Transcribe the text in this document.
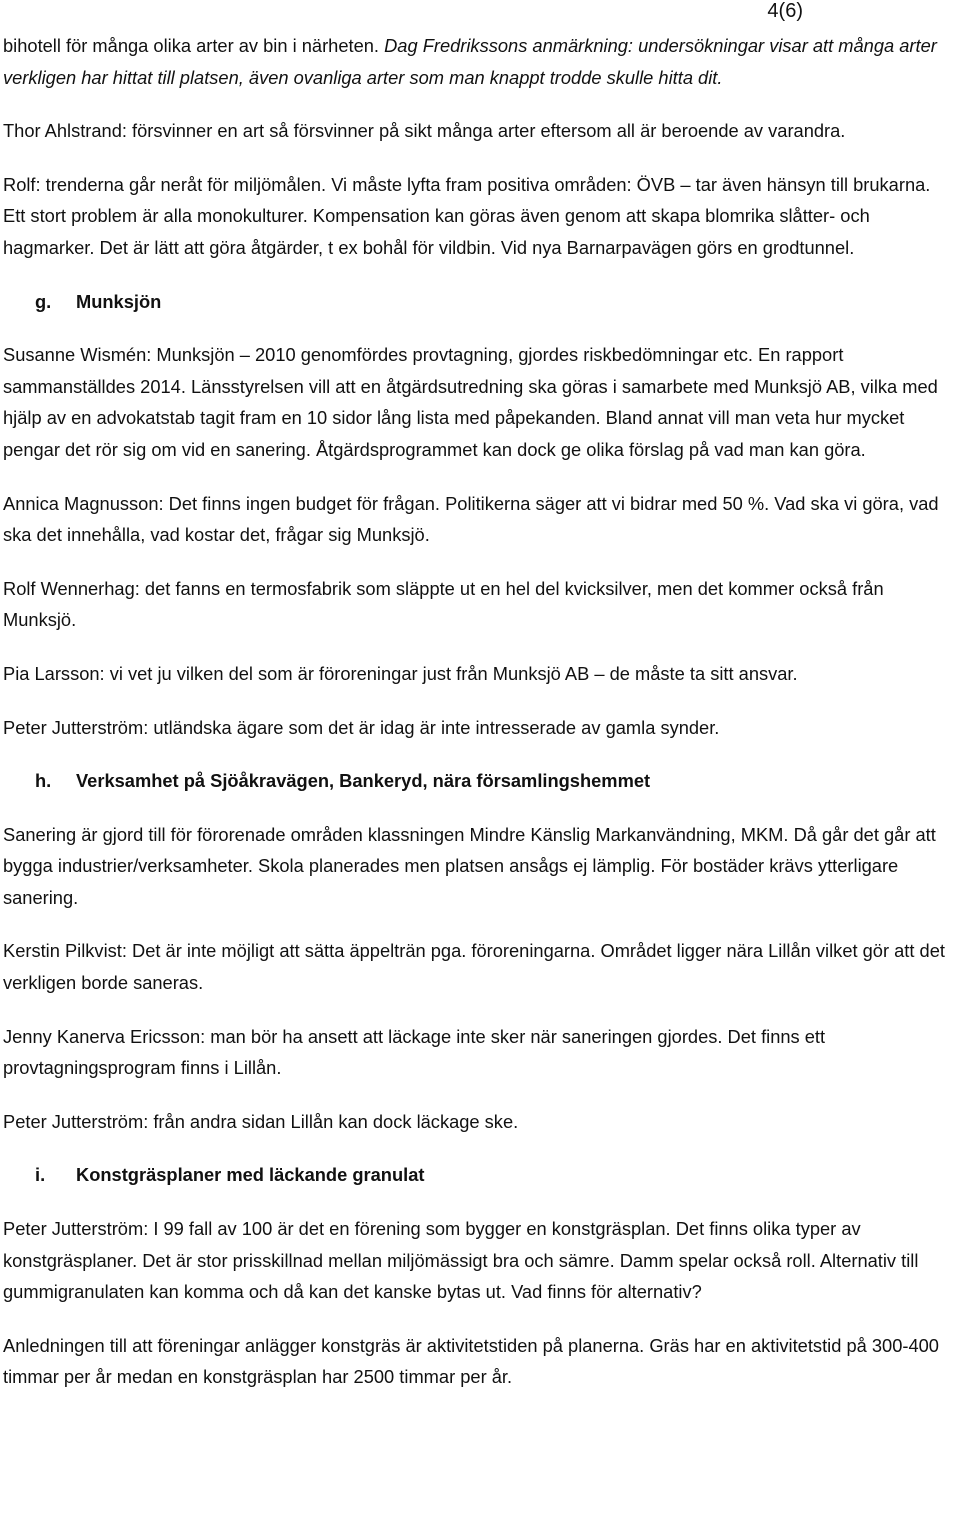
4(6)

bihotell för många olika arter av bin i närheten. Dag Fredrikssons anmärkning: undersökningar visar att många arter verkligen har hittat till platsen, även ovanliga arter som man knappt trodde skulle hitta dit.

Thor Ahlstrand: försvinner en art så försvinner på sikt många arter eftersom all är beroende av varandra.

Rolf: trenderna går neråt för miljömålen. Vi måste lyfta fram positiva områden: ÖVB – tar även hänsyn till brukarna. Ett stort problem är alla monokulturer. Kompensation kan göras även genom att skapa blomrika slåtter- och hagmarker. Det är lätt att göra åtgärder, t ex bohål för vildbin. Vid nya Barnarpavägen görs en grodtunnel.

g. Munksjön

Susanne Wismén: Munksjön – 2010 genomfördes provtagning, gjordes riskbedömningar etc. En rapport sammanställdes 2014. Länsstyrelsen vill att en åtgärdsutredning ska göras i samarbete med Munksjö AB, vilka med hjälp av en advokatstab tagit fram en 10 sidor lång lista med påpekanden. Bland annat vill man veta hur mycket pengar det rör sig om vid en sanering. Åtgärdsprogrammet kan dock ge olika förslag på vad man kan göra.

Annica Magnusson: Det finns ingen budget för frågan. Politikerna säger att vi bidrar med 50 %. Vad ska vi göra, vad ska det innehålla, vad kostar det, frågar sig Munksjö.

Rolf Wennerhag: det fanns en termosfabrik som släppte ut en hel del kvicksilver, men det kommer också från Munksjö.

Pia Larsson: vi vet ju vilken del som är föroreningar just från Munksjö AB – de måste ta sitt ansvar.

Peter Jutterström: utländska ägare som det är idag är inte intresserade av gamla synder.

h. Verksamhet på Sjöåkravägen, Bankeryd, nära församlingshemmet

Sanering är gjord till för förorenade områden klassningen Mindre Känslig Markanvändning, MKM. Då går det går att bygga industrier/verksamheter. Skola planerades men platsen ansågs ej lämplig. För bostäder krävs ytterligare sanering.

Kerstin Pilkvist: Det är inte möjligt att sätta äppelträn pga. föroreningarna. Området ligger nära Lillån vilket gör att det verkligen borde saneras.

Jenny Kanerva Ericsson: man bör ha ansett att läckage inte sker när saneringen gjordes. Det finns ett provtagningsprogram finns i Lillån.

Peter Jutterström: från andra sidan Lillån kan dock läckage ske.

i. Konstgräsplaner med läckande granulat

Peter Jutterström: I 99 fall av 100 är det en förening som bygger en konstgräsplan. Det finns olika typer av konstgräsplaner. Det är stor prisskillnad mellan miljömässigt bra och sämre. Damm spelar också roll. Alternativ till gummigranulaten kan komma och då kan det kanske bytas ut. Vad finns för alternativ?

Anledningen till att föreningar anlägger konstgräs är aktivitetstiden på planerna. Gräs har en aktivitetstid på 300-400 timmar per år medan en konstgräsplan har 2500 timmar per år.
